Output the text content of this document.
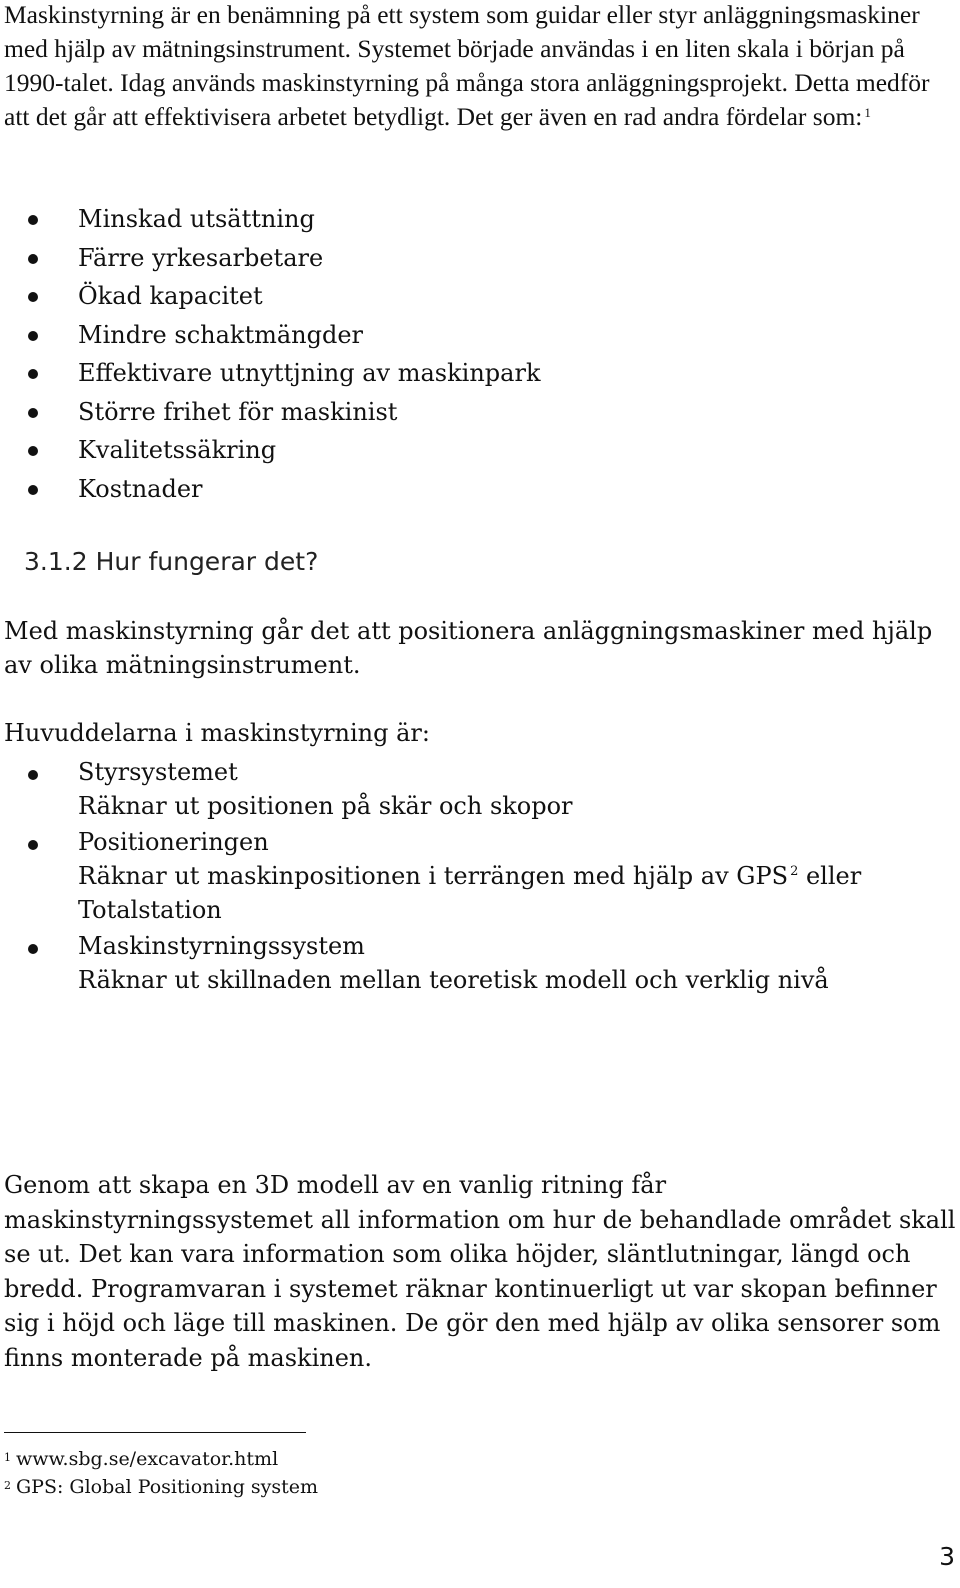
Maskinstyrning är en benämning på ett system som guidar eller styr anläggningsmaskiner med hjälp av mätningsinstrument. Systemet började användas i en liten skala i början på 1990-talet. Idag används maskinstyrning på många stora anläggningsprojekt. Detta medför att det går att effektivisera arbetet betydligt. Det ger även en rad andra fördelar som: $^1$

Minskad utsättning
Färre yrkesarbetare
Ökad kapacitet
Mindre schaktmängder
Effektivare utnyttjning av maskinpark
Större frihet för maskinist
Kvalitetssäkring
Kostnader
3.1.2 Hur fungerar det?

Med maskinstyrning går det att positionera anläggningsmaskiner med hjälp av olika mätningsinstrument.

Huvuddelarna i maskinstyrning är:

Styrsystemet
Räknar ut positionen på skär och skopor
Positioneringen
Räknar ut maskinpositionen i terrängen med hjälp av GPS $^2$ eller Totalstation
Maskinstyrningssystem
Räknar ut skillnaden mellan teoretisk modell och verklig nivå

Genom att skapa en 3D modell av en vanlig ritning får maskinstyrningssystemet all information om hur de behandlade området skall se ut. Det kan vara information som olika höjder, släntlutningar, längd och bredd. Programvaran i systemet räknar kontinuerligt ut var skopan befinner sig i höjd och läge till maskinen. De gör den med hjälp av olika sensorer som finns monterade på maskinen.

$^1$ www.sbg.se/excavator.html
$^2$ GPS: Global Positioning system
3
